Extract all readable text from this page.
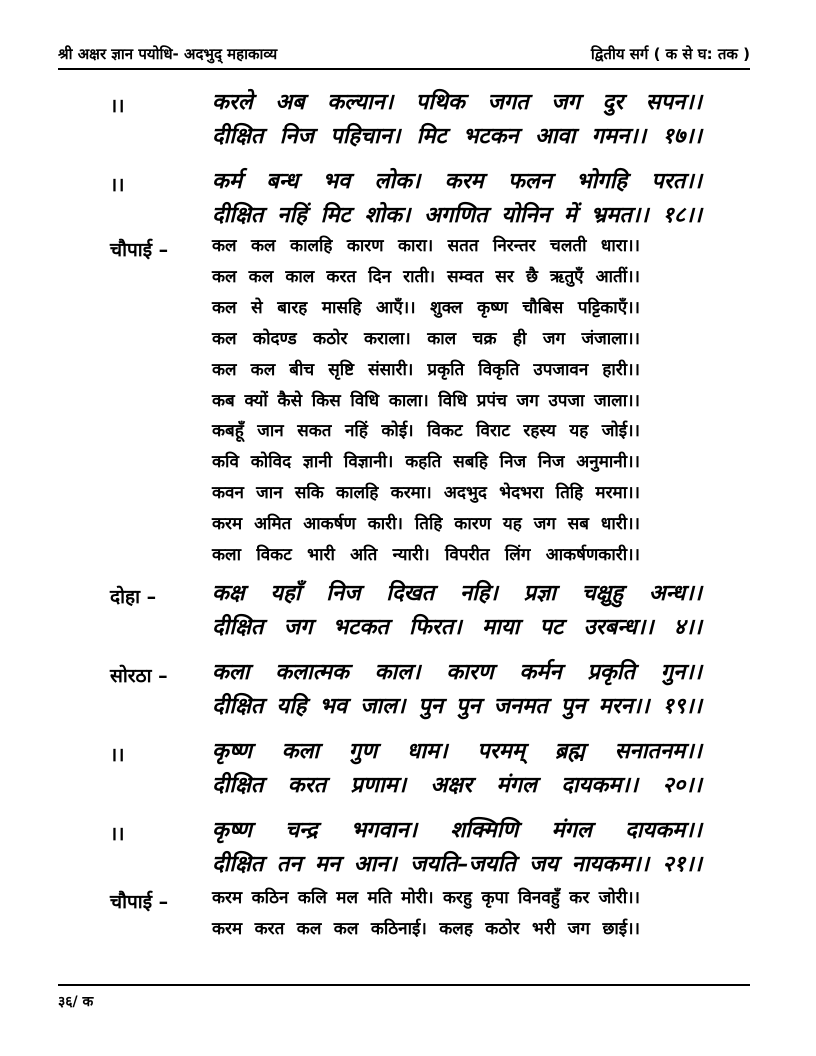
श्री अक्षर ज्ञान पयोधि- अदभुद् महाकाव्य	द्वितीय सर्ग ( क से घ: तक )
।।	करले अब कल्यान। पथिक जगत जग दुर सपन।।
दीक्षित निज पहिचान। मिट भटकन आवा गमन।। १७।।
।।	कर्म बन्ध भव लोक। करम फलन भोगहि परत।।
दीक्षित नहिं मिट शोक। अगणित योनिन में भ्रमत।। १८।।
चौपाई –	कल कल कालहि कारण कारा। सतत निरन्तर चलती धारा।।
कल कल काल करत दिन राती। सम्वत सर छै ऋतुएँ आतीं।।
कल से बारह मासहि आएँ।। शुक्ल कृष्ण चौबिस पट्टिकाएँ।।
कल कोदण्ड कठोर कराला। काल चक्र ही जग जंजाला।।
कल कल बीच सृष्टि संसारी। प्रकृति विकृति उपजावन हारी।।
कब क्यों कैसे किस विधि काला। विधि प्रपंच जग उपजा जाला।।
कबहूँ जान सकत नहिं कोई। विकट विराट रहस्य यह जोई।।
कवि कोविद ज्ञानी विज्ञानी। कहति सबहि निज निज अनुमानी।।
कवन जान सकि कालहि करमा। अदभुद भेदभरा तिहि मरमा।।
करम अमित आकर्षण कारी। तिहि कारण यह जग सब धारी।।
कला विकट भारी अति न्यारी। विपरीत लिंग आकर्षणकारी।।
दोहा –	कक्ष यहाँ निज दिखत नहि। प्रज्ञा चक्षुहु अन्ध।।
दीक्षित जग भटकत फिरत। माया पट उरबन्ध।। ४।।
सोरठा – कला कलात्मक काल। कारण कर्मन प्रकृति गुन।।
दीक्षित यहि भव जाल। पुन पुन जनमत पुन मरन।। १९।।
।।	कृष्ण कला गुण धाम। परमम् ब्रह्म सनातनम।।
दीक्षित करत प्रणाम। अक्षर मंगल दायकम।। २०।।
।।	कृष्ण चन्द्र भगवान। शक्मिणि मंगल दायकम।।
दीक्षित तन मन आन। जयति–जयति जय नायकम।। २१।।
चौपाई –	करम कठिन कलि मल मति मोरी। करहु कृपा विनवहुँ कर जोरी।।
करम करत कल कल कठिनाई। कलह कठोर भरी जग छाई।।
३६/ क
